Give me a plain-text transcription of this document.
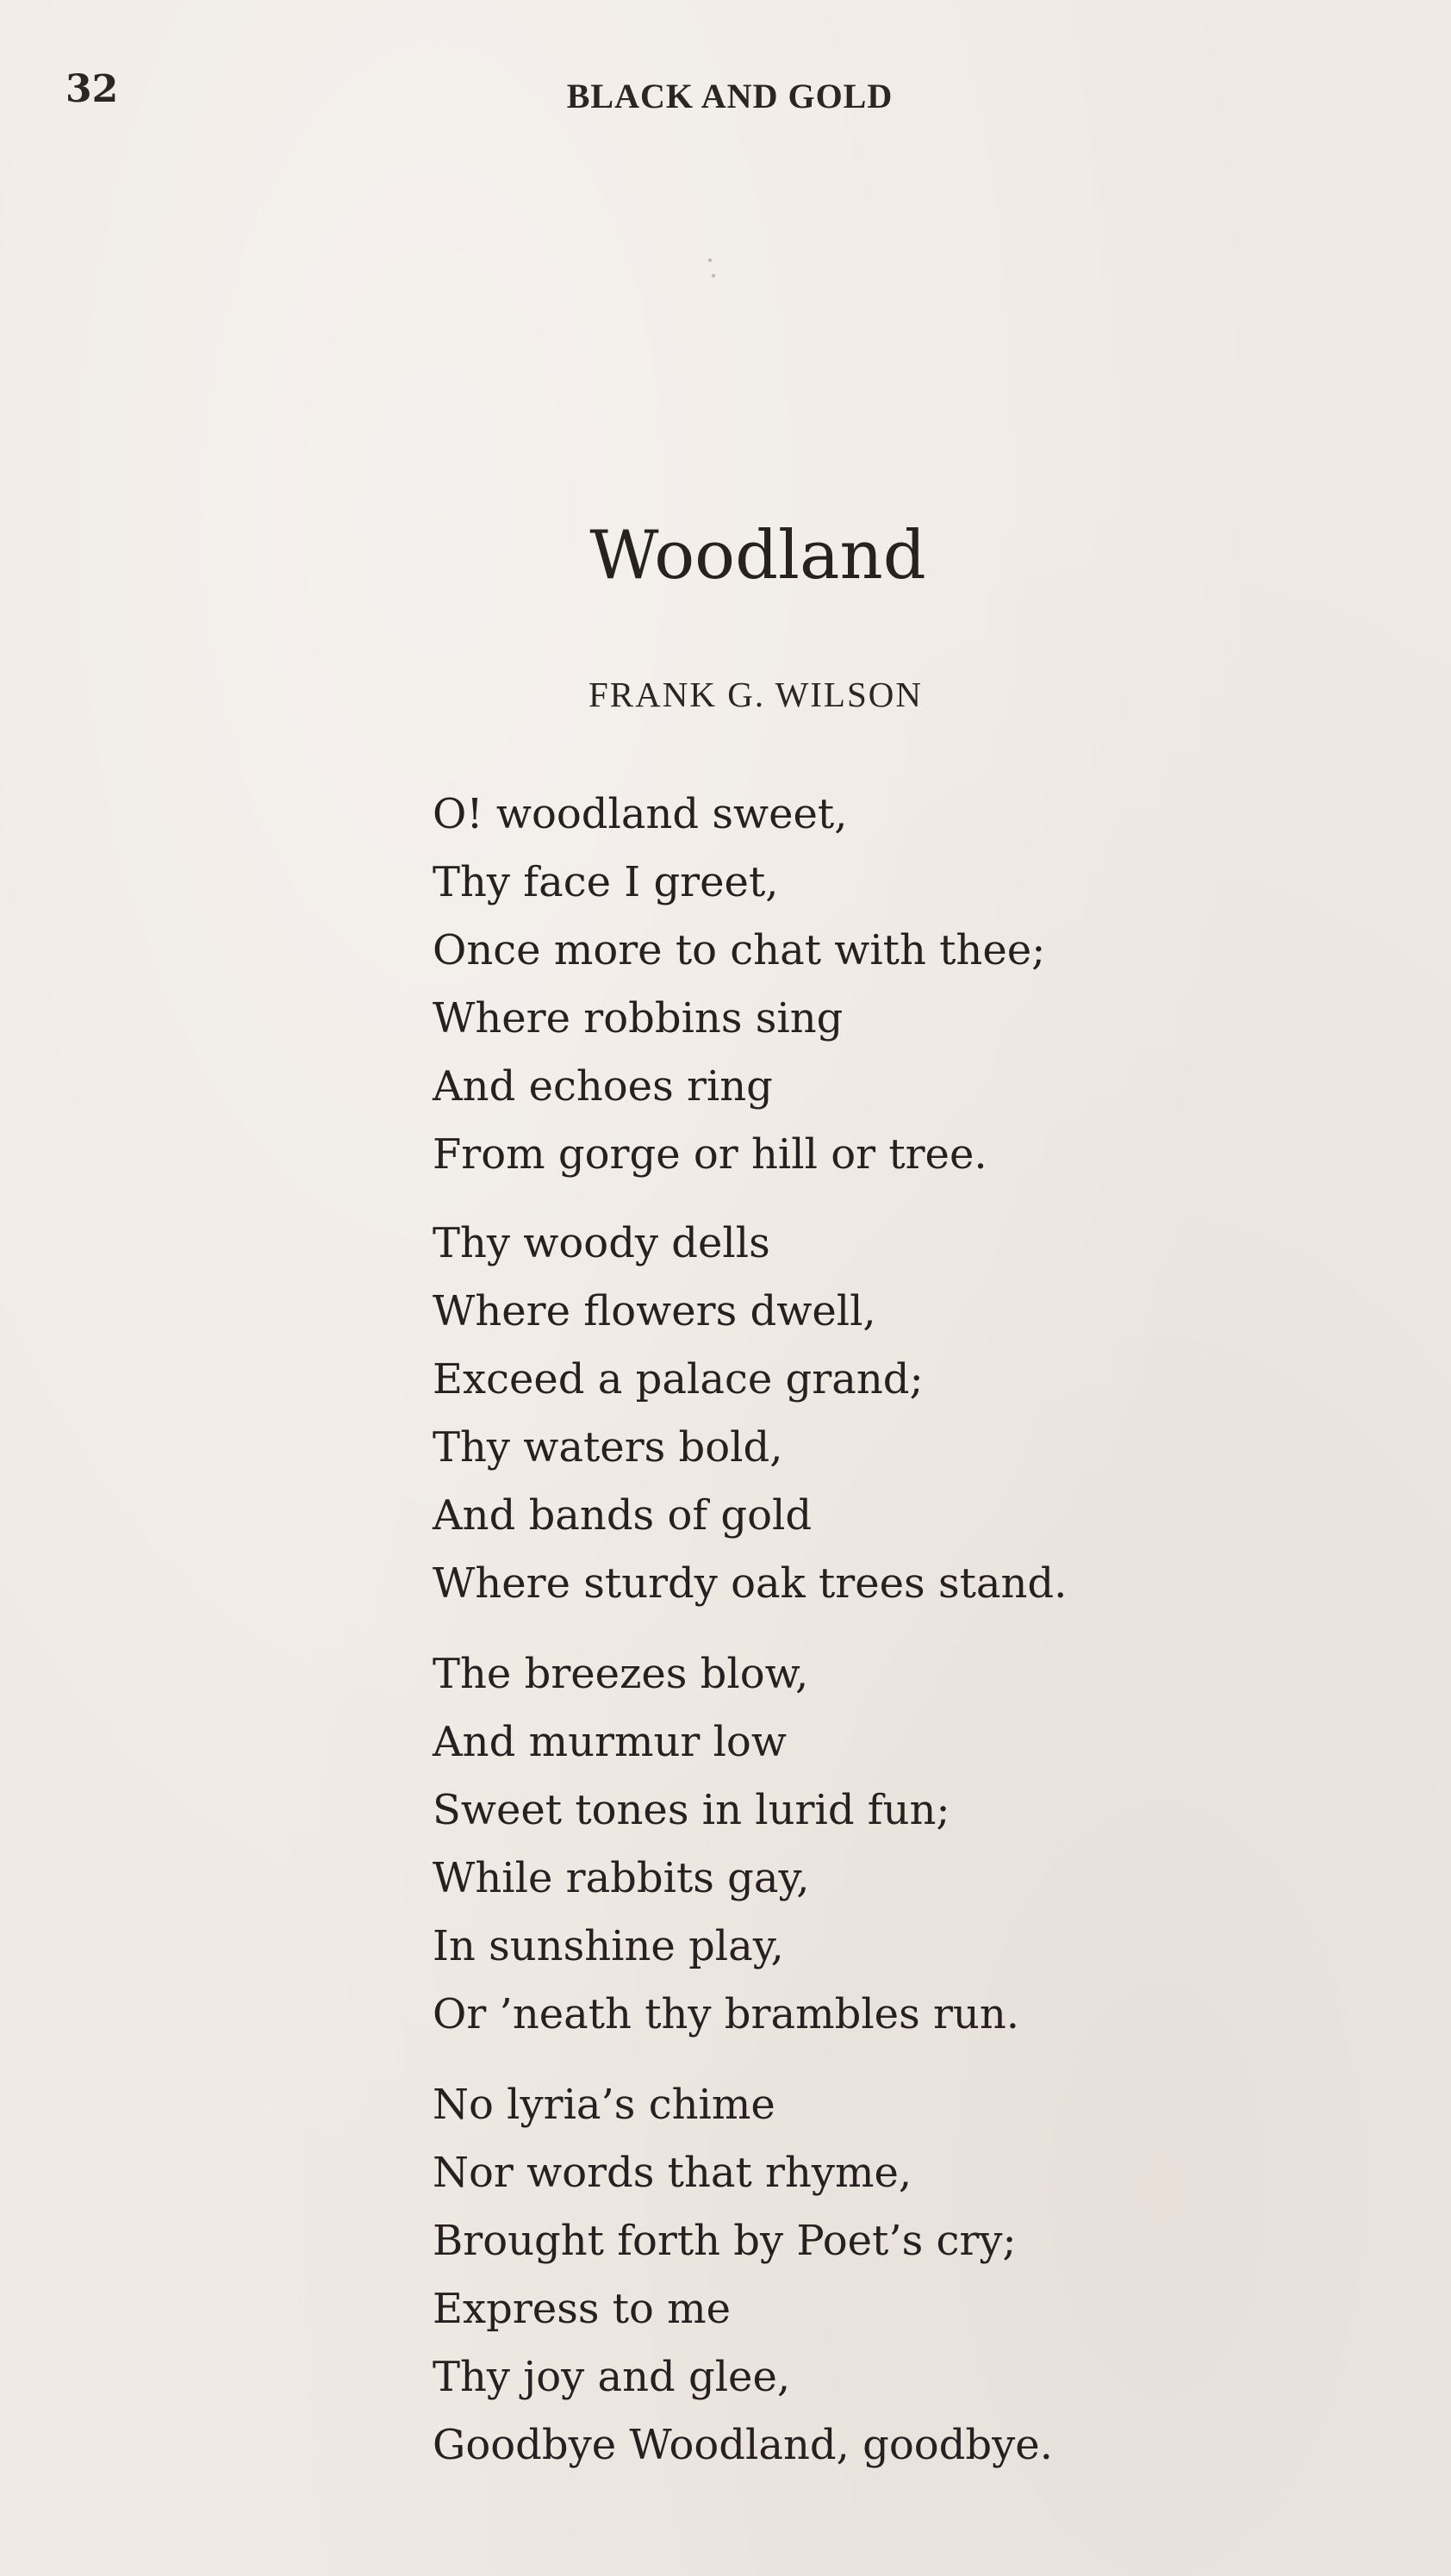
32	BLACK AND GOLD
Woodland
FRANK G. WILSON
O! woodland sweet,
Thy face I greet,
Once more to chat with thee;
Where robbins sing
And echoes ring
From gorge or hill or tree.
Thy woody dells
Where flowers dwell,
Exceed a palace grand;
Thy waters bold,
And bands of gold
Where sturdy oak trees stand.
The breezes blow,
And murmur low
Sweet tones in lurid fun;
While rabbits gay,
In sunshine play,
Or ’neath thy brambles run.
No lyria’s chime
Nor words that rhyme,
Brought forth by Poet’s cry;
Express to me
Thy joy and glee,
Goodbye Woodland, goodbye.
